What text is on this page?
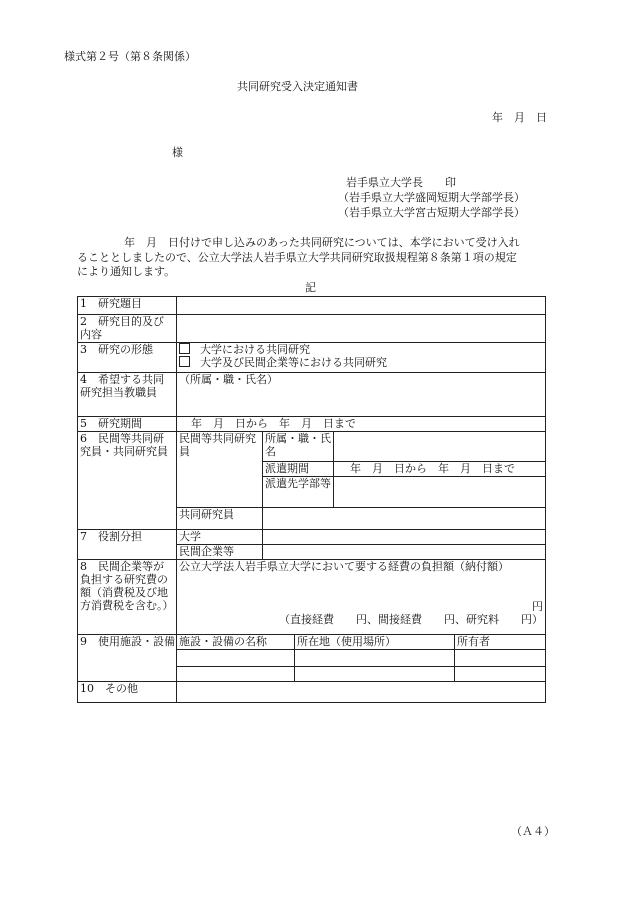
様式第２号（第８条関係）
共同研究受入決定通知書
年　月　日
様
岩手県立大学長　　印
（岩手県立大学盛岡短期大学部学長）
（岩手県立大学宮古短期大学部学長）
年　月　日付けで申し込みのあった共同研究については、本学において受け入れ
ることとしましたので、公立大学法人岩手県立大学共同研究取扱規程第８条第１項の規定
により通知します。
記
1　研究題目					
2　研究目的及び内容					
3　研究の形態	大学における共同研究
大学及び民間企業等における共同研究				

4　希望する共同研究担当教職員	（所属・職・氏名）				
5　研究期間	年　月　日から　年　月　日まで				
6　民間等共同研究員・共同研究員	民間等共同研究員	所属・職・氏名			
		派遣期間		年　月　日から　年　月　日まで	
		派遣先学部等			
	共同研究員				
7　役割分担	大学				
	民間企業等				
8　民間企業等が負担する研究費の額（消費税及び地方消費税を含む。）	公立大学法人岩手県立大学において要する経費の負担額（納付額）
円
（直接経費　　円、間接経費　　円、研究料　　円）				

9　使用施設・設備	施設・設備の名称		所在地（使用場所）		所有者

10　その他					
（Ａ４）
